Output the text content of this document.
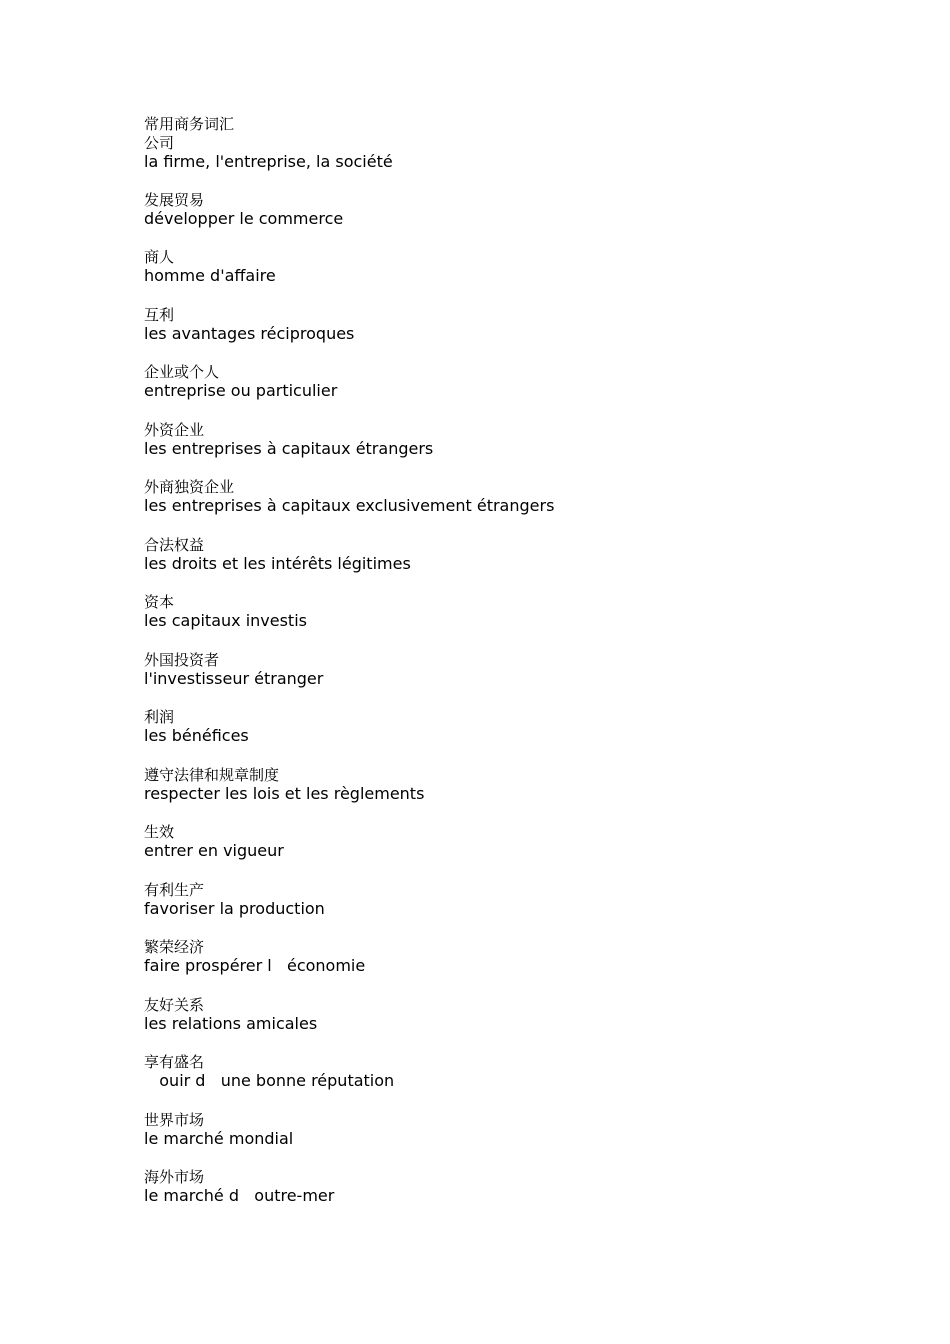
常用商务词汇
公司
la firme, l'entreprise, la société
发展贸易
développer le commerce
商人
homme d'affaire
互利
les avantages réciproques
企业或个人
entreprise ou particulier
外资企业
les entreprises à capitaux étrangers
外商独资企业
les entreprises à capitaux exclusivement étrangers
合法权益
les droits et les intérêts légitimes
资本
les capitaux investis
外国投资者
l'investisseur étranger
利润
les bénéfices
遵守法律和规章制度
respecter les lois et les règlements
生效
entrer en vigueur
有利生产
favoriser la production
繁荣经济
faire prospérer l   économie
友好关系
les relations amicales
享有盛名
ouir d   une bonne réputation
世界市场
le marché mondial
海外市场
le marché d   outre-mer
